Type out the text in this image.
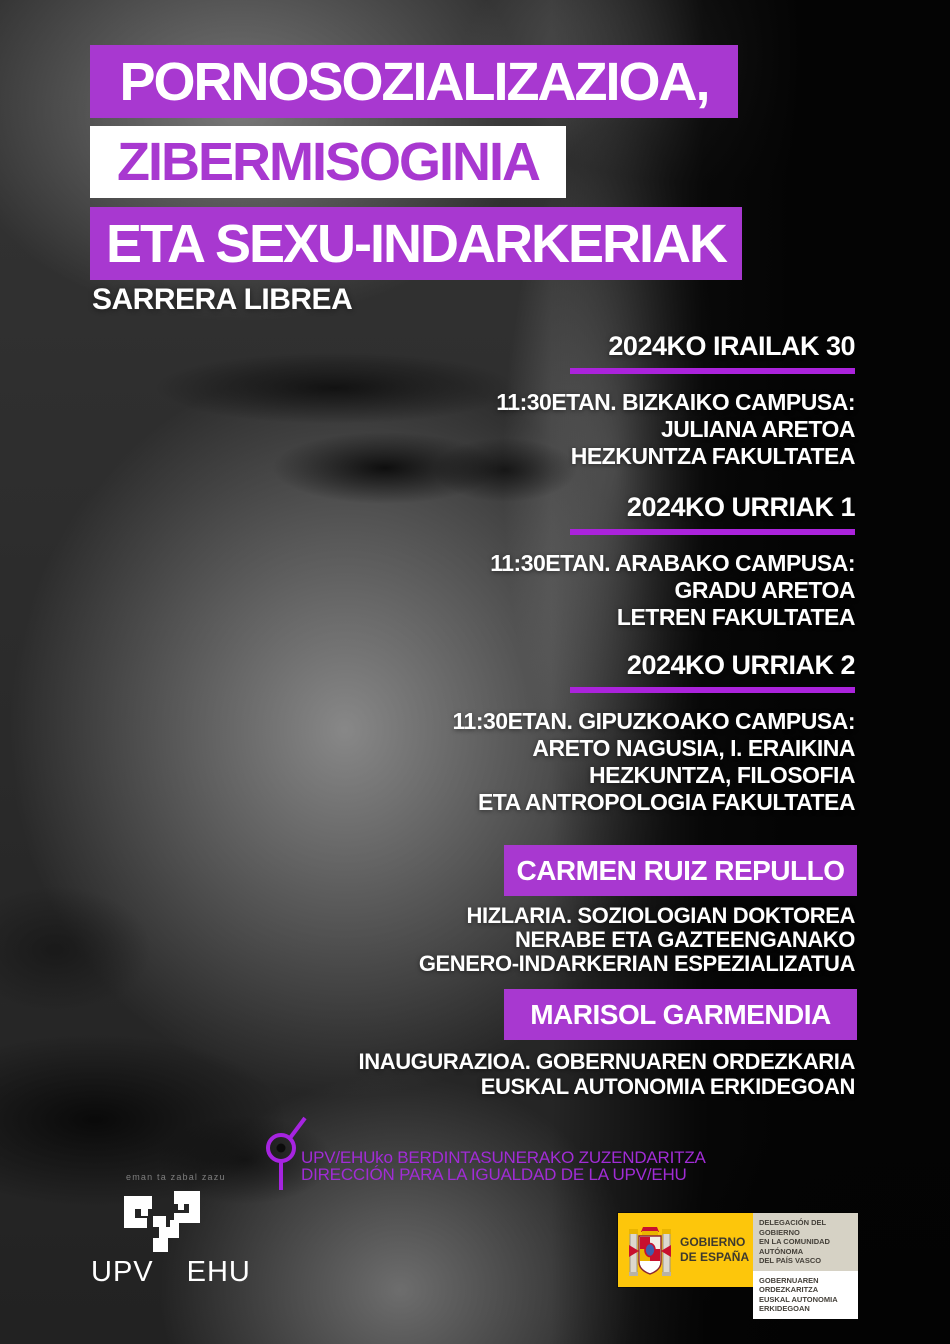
PORNOSOZIALIZAZIOA,
ZIBERMISOGINIA
ETA SEXU-INDARKERIAK
SARRERA LIBREA
2024KO IRAILAK 30
11:30ETAN. BIZKAIKO CAMPUSA:
JULIANA ARETOA
HEZKUNTZA FAKULTATEA
2024KO URRIAK 1
11:30ETAN. ARABAKO CAMPUSA:
GRADU ARETOA
LETREN FAKULTATEA
2024KO URRIAK 2
11:30ETAN. GIPUZKOAKO CAMPUSA:
ARETO NAGUSIA, I. ERAIKINA
HEZKUNTZA, FILOSOFIA
ETA ANTROPOLOGIA FAKULTATEA
CARMEN RUIZ REPULLO
HIZLARIA. SOZIOLOGIAN DOKTOREA
NERABE ETA GAZTEENGANAKO
GENERO-INDARKERIAN ESPEZIALIZATUA
MARISOL GARMENDIA
INAUGURAZIOA. GOBERNUAREN ORDEZKARIA
EUSKAL AUTONOMIA ERKIDEGOAN
UPV/EHUko BERDINTASUNERAKO ZUZENDARITZA
DIRECCIÓN PARA LA IGUALDAD DE LA UPV/EHU
eman ta zabal zazu
UPV EHU
GOBIERNO
DE ESPAÑA
DELEGACIÓN DEL GOBIERNO
EN LA COMUNIDAD AUTÓNOMA
DEL PAÍS VASCO
GOBERNUAREN ORDEZKARITZA
EUSKAL AUTONOMIA
ERKIDEGOAN
